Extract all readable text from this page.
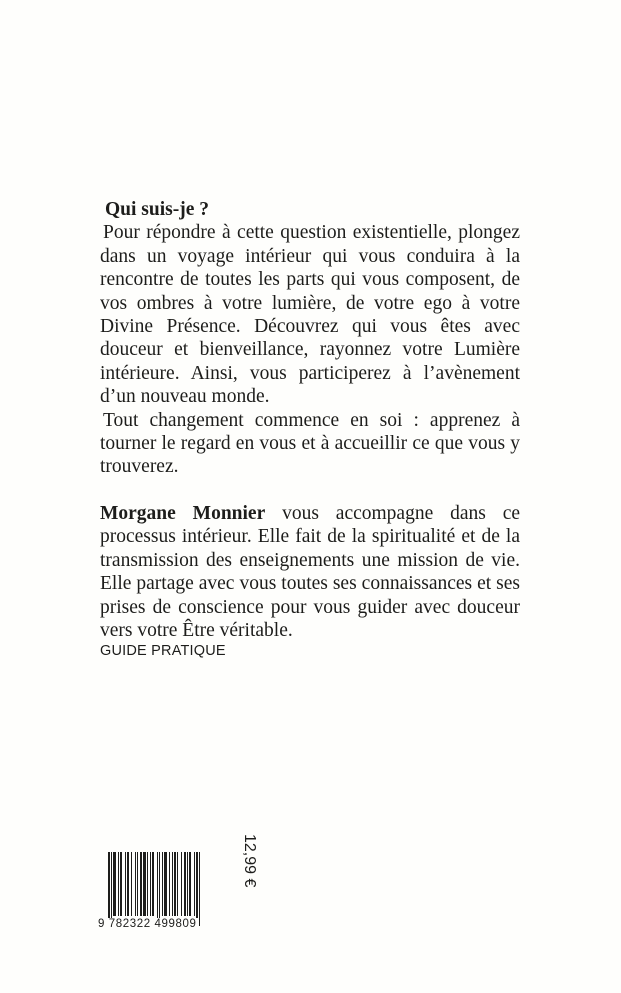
Qui suis-je ?

Pour répondre à cette question existentielle, plongez dans un voyage intérieur qui vous conduira à la rencontre de toutes les parts qui vous composent, de vos ombres à votre lumière, de votre ego à votre Divine Présence. Découvrez qui vous êtes avec douceur et bienveillance, rayonnez votre Lumière intérieure. Ainsi, vous participerez à l’avènement d’un nouveau monde.

Tout changement commence en soi : apprenez à tourner le regard en vous et à accueillir ce que vous y trouverez.

Morgane Monnier vous accompagne dans ce processus intérieur. Elle fait de la spiritualité et de la transmission des enseignements une mission de vie. Elle partage avec vous toutes ses connaissances et ses prises de conscience pour vous guider avec douceur vers votre Être véritable.

GUIDE PRATIQUE
9 782322 499809
12,99 €
